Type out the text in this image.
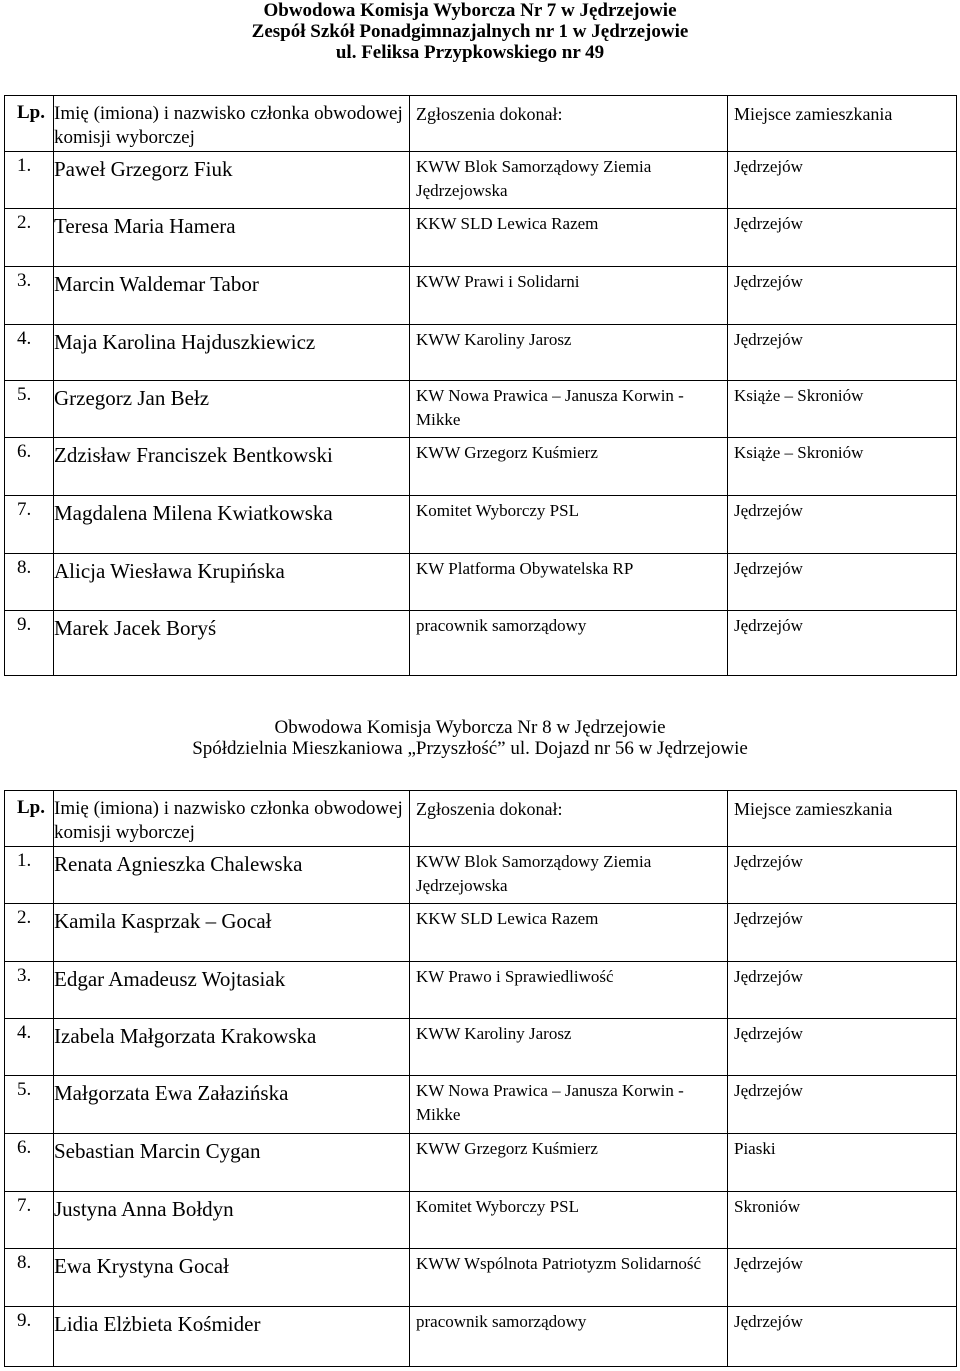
Obwodowa Komisja Wyborcza Nr 7 w Jędrzejowie
Zespół Szkół Ponadgimnazjalnych nr 1 w Jędrzejowie
ul. Feliksa Przypkowskiego nr 49
Lp.	Imię (imiona) i nazwisko członka obwodowej komisji wyborczej	Zgłoszenia dokonał:	Miejsce zamieszkania
1.	Paweł Grzegorz Fiuk	KWW Blok Samorządowy Ziemia Jędrzejowska	Jędrzejów
2.	Teresa Maria Hamera	KKW SLD Lewica Razem	Jędrzejów
3.	Marcin Waldemar Tabor	KWW Prawi i Solidarni	Jędrzejów
4.	Maja Karolina Hajduszkiewicz	KWW Karoliny Jarosz	Jędrzejów
5.	Grzegorz Jan Bełz	KW Nowa Prawica – Janusza Korwin - Mikke	Książe – Skroniów
6.	Zdzisław Franciszek Bentkowski	KWW Grzegorz Kuśmierz	Książe – Skroniów
7.	Magdalena Milena Kwiatkowska	Komitet Wyborczy PSL	Jędrzejów
8.	Alicja Wiesława Krupińska	KW Platforma Obywatelska RP	Jędrzejów
9.	Marek Jacek Boryś	pracownik samorządowy	Jędrzejów
Obwodowa Komisja Wyborcza Nr 8 w Jędrzejowie
Spółdzielnia Mieszkaniowa „Przyszłość” ul. Dojazd nr 56 w Jędrzejowie
Lp.	Imię (imiona) i nazwisko członka obwodowej komisji wyborczej	Zgłoszenia dokonał:	Miejsce zamieszkania
1.	Renata Agnieszka Chalewska	KWW Blok Samorządowy Ziemia Jędrzejowska	Jędrzejów
2.	Kamila Kasprzak – Gocał	KKW SLD Lewica Razem	Jędrzejów
3.	Edgar Amadeusz Wojtasiak	KW Prawo i Sprawiedliwość	Jędrzejów
4.	Izabela Małgorzata Krakowska	KWW Karoliny Jarosz	Jędrzejów
5.	Małgorzata Ewa Załazińska	KW Nowa Prawica – Janusza Korwin - Mikke	Jędrzejów
6.	Sebastian Marcin Cygan	KWW Grzegorz Kuśmierz	Piaski
7.	Justyna Anna Bołdyn	Komitet Wyborczy PSL	Skroniów
8.	Ewa Krystyna Gocał	KWW Wspólnota Patriotyzm Solidarność	Jędrzejów
9.	Lidia Elżbieta Kośmider	pracownik samorządowy	Jędrzejów
